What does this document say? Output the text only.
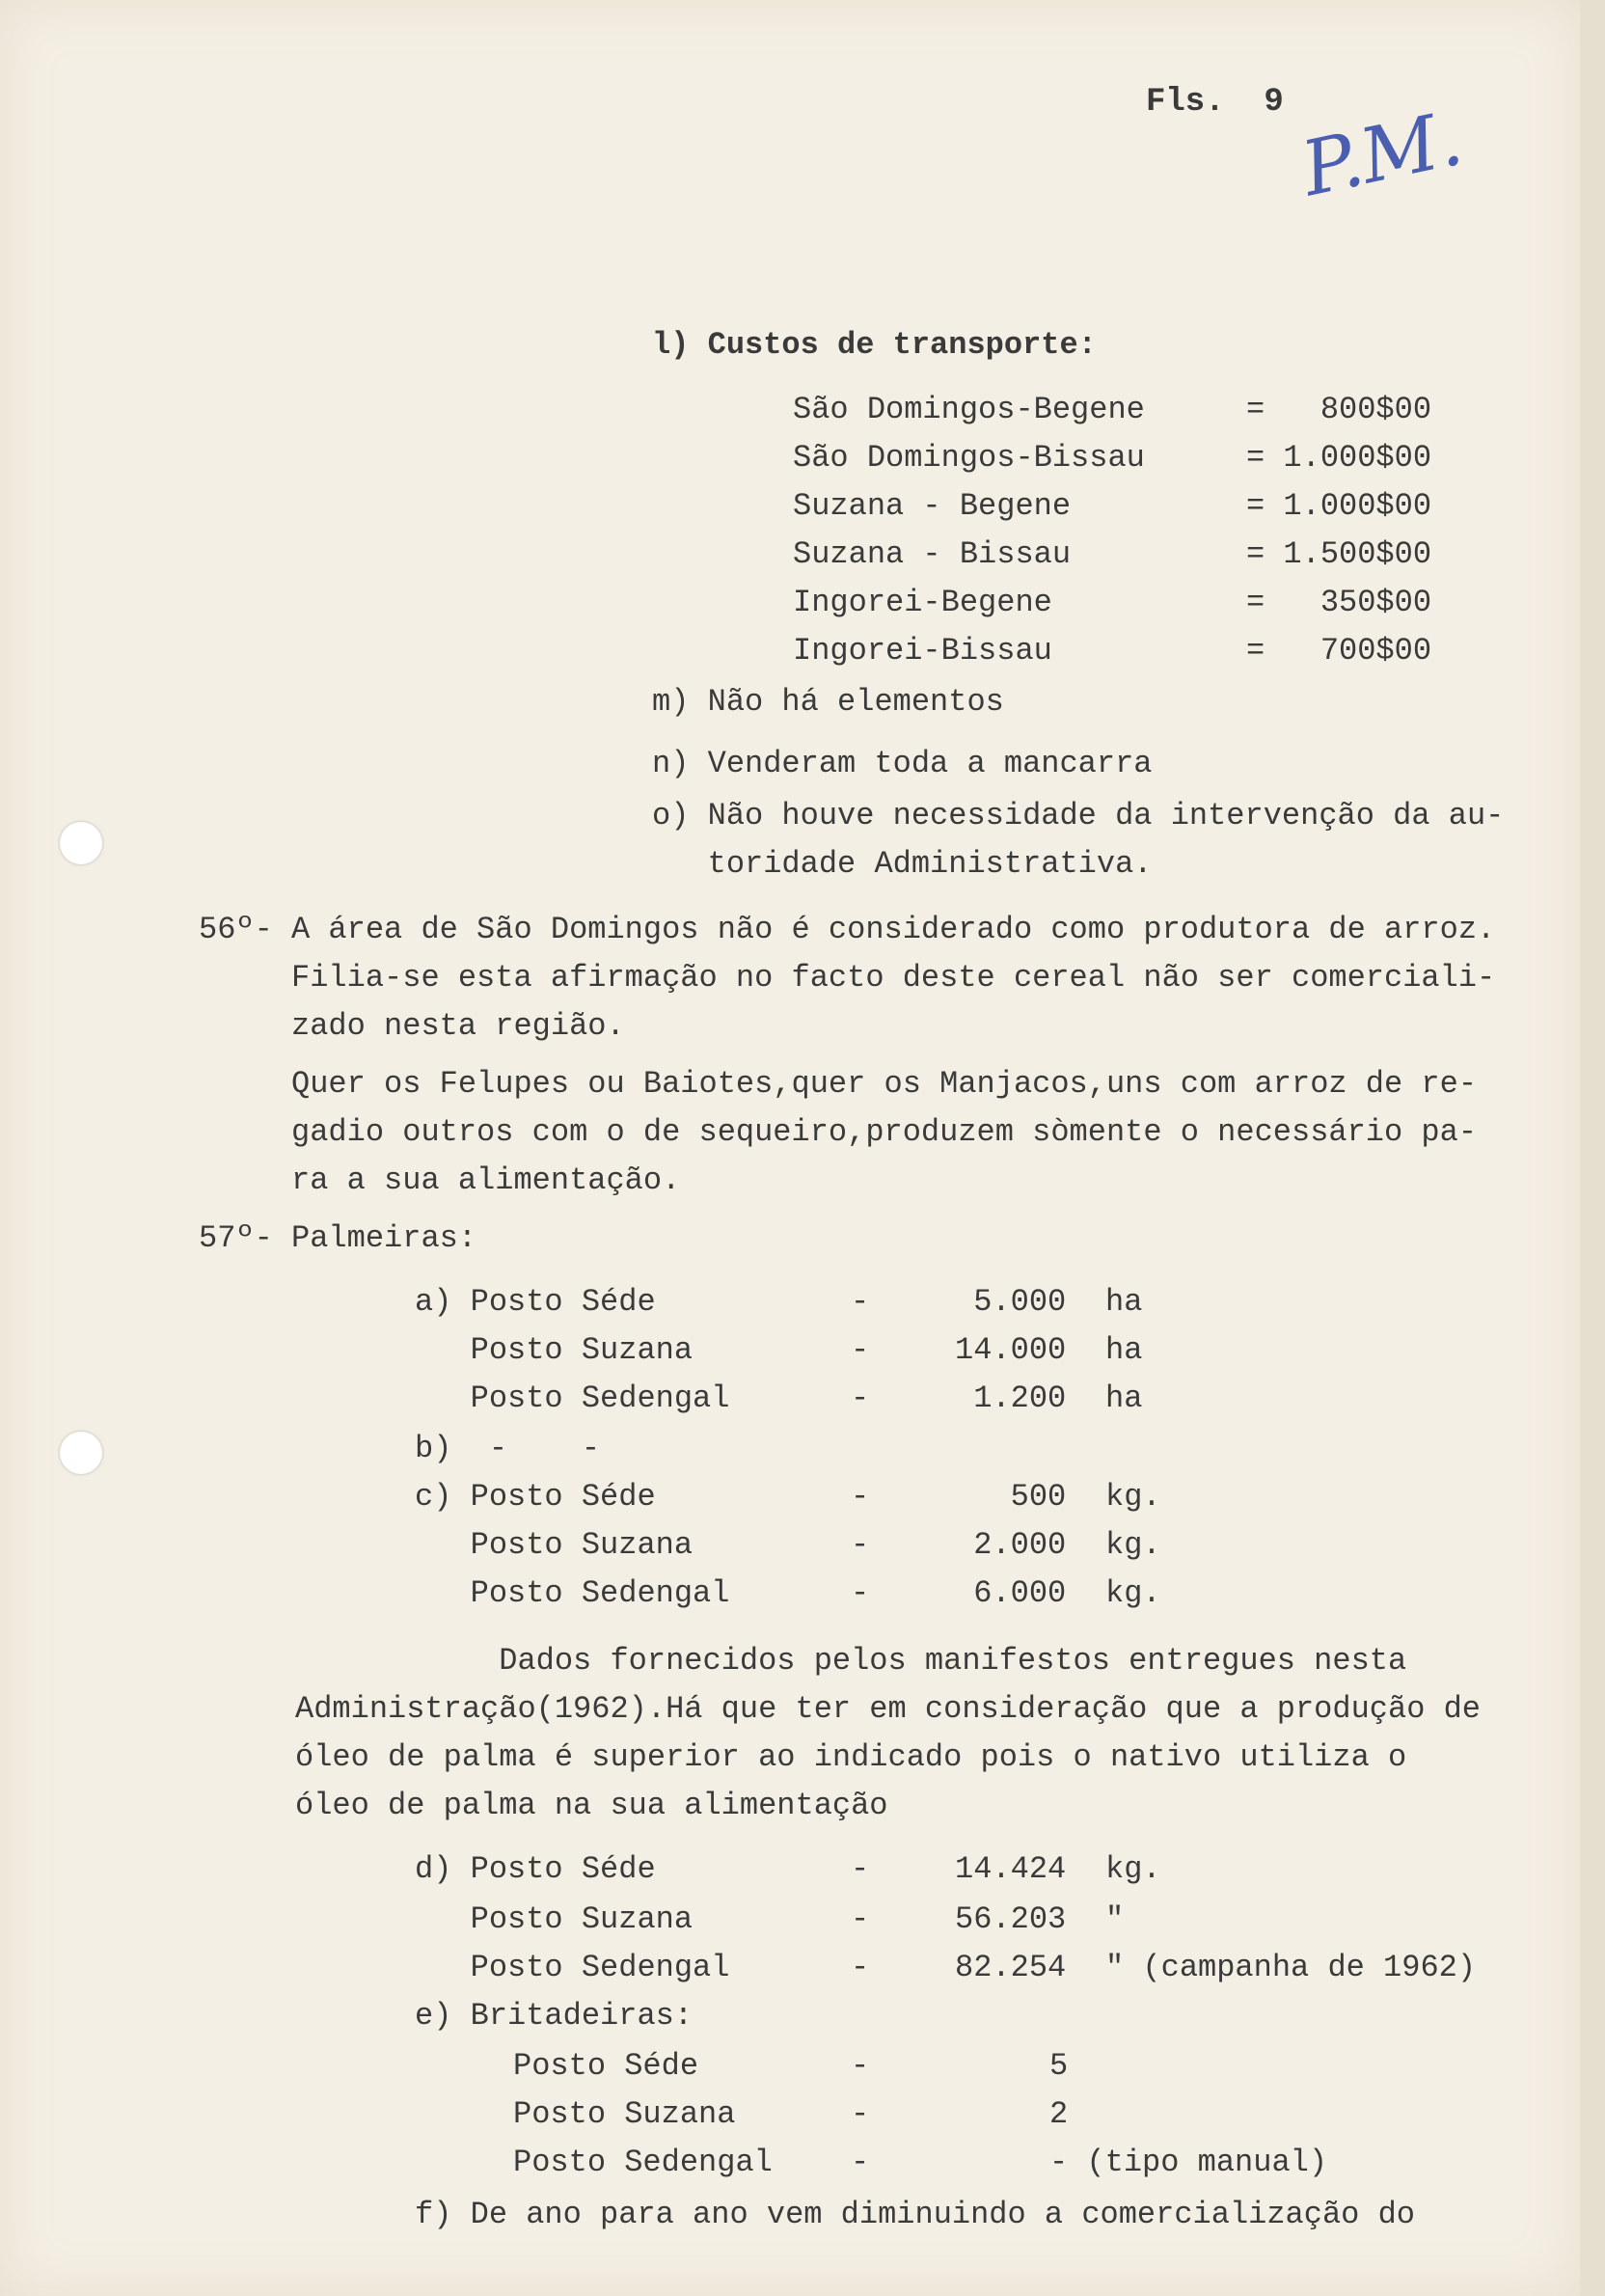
Fls.  9 P.M.
l) Custos de transporte:
São Domingos-Begene	=   800$00
São Domingos-Bissau	= 1.000$00
Suzana - Begene	= 1.000$00
Suzana - Bissau	= 1.500$00
Ingorei-Begene	=   350$00
Ingorei-Bissau	=   700$00
m) Não há elementos
n) Venderam toda a mancarra
o) Não houve necessidade da intervenção da au-
toridade Administrativa.
56º- A área de São Domingos não é considerado como produtora de arroz.
Filia-se esta afirmação no facto deste cereal não ser comerciali-
zado nesta região.
Quer os Felupes ou Baiotes,quer os Manjacos,uns com arroz de re-
gadio outros com o de sequeiro,produzem sòmente o necessário pa-
ra a sua alimentação.
57º- Palmeiras:
a) Posto Séde	-	5.000 ha
Posto Suzana	-	14.000 ha
Posto Sedengal	-	1.200 ha
b)  -    -
c) Posto Séde	-	500 kg.
Posto Suzana	-	2.000 kg.
Posto Sedengal	-	6.000 kg.
Dados fornecidos pelos manifestos entregues nesta
Administração(1962).Há que ter em consideração que a produção de
óleo de palma é superior ao indicado pois o nativo utiliza o
óleo de palma na sua alimentação
d) Posto Séde	-	14.424 kg.
Posto Suzana	-	56.203 "
Posto Sedengal	-	82.254 " (campanha de 1962)
e) Britadeiras:
Posto Séde	-	5
Posto Suzana	-	2
Posto Sedengal	-	- (tipo manual)
f) De ano para ano vem diminuindo a comercialização do
